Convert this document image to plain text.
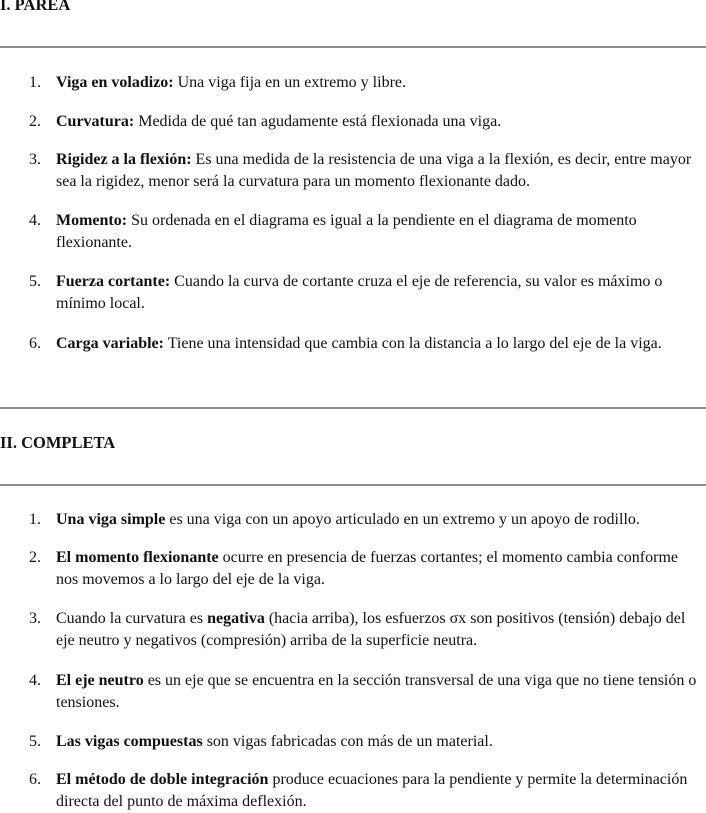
I. PAREA
1. Viga en voladizo: Una viga fija en un extremo y libre.
2. Curvatura: Medida de qué tan agudamente está flexionada una viga.
3. Rigidez a la flexión: Es una medida de la resistencia de una viga a la flexión, es decir, entre mayor sea la rigidez, menor será la curvatura para un momento flexionante dado.
4. Momento: Su ordenada en el diagrama es igual a la pendiente en el diagrama de momento flexionante.
5. Fuerza cortante: Cuando la curva de cortante cruza el eje de referencia, su valor es máximo o mínimo local.
6. Carga variable: Tiene una intensidad que cambia con la distancia a lo largo del eje de la viga.
II. COMPLETA
1. Una viga simple es una viga con un apoyo articulado en un extremo y un apoyo de rodillo.
2. El momento flexionante ocurre en presencia de fuerzas cortantes; el momento cambia conforme nos movemos a lo largo del eje de la viga.
3. Cuando la curvatura es negativa (hacia arriba), los esfuerzos σx son positivos (tensión) debajo del eje neutro y negativos (compresión) arriba de la superficie neutra.
4. El eje neutro es un eje que se encuentra en la sección transversal de una viga que no tiene tensión o tensiones.
5. Las vigas compuestas son vigas fabricadas con más de un material.
6. El método de doble integración produce ecuaciones para la pendiente y permite la determinación directa del punto de máxima deflexión.
